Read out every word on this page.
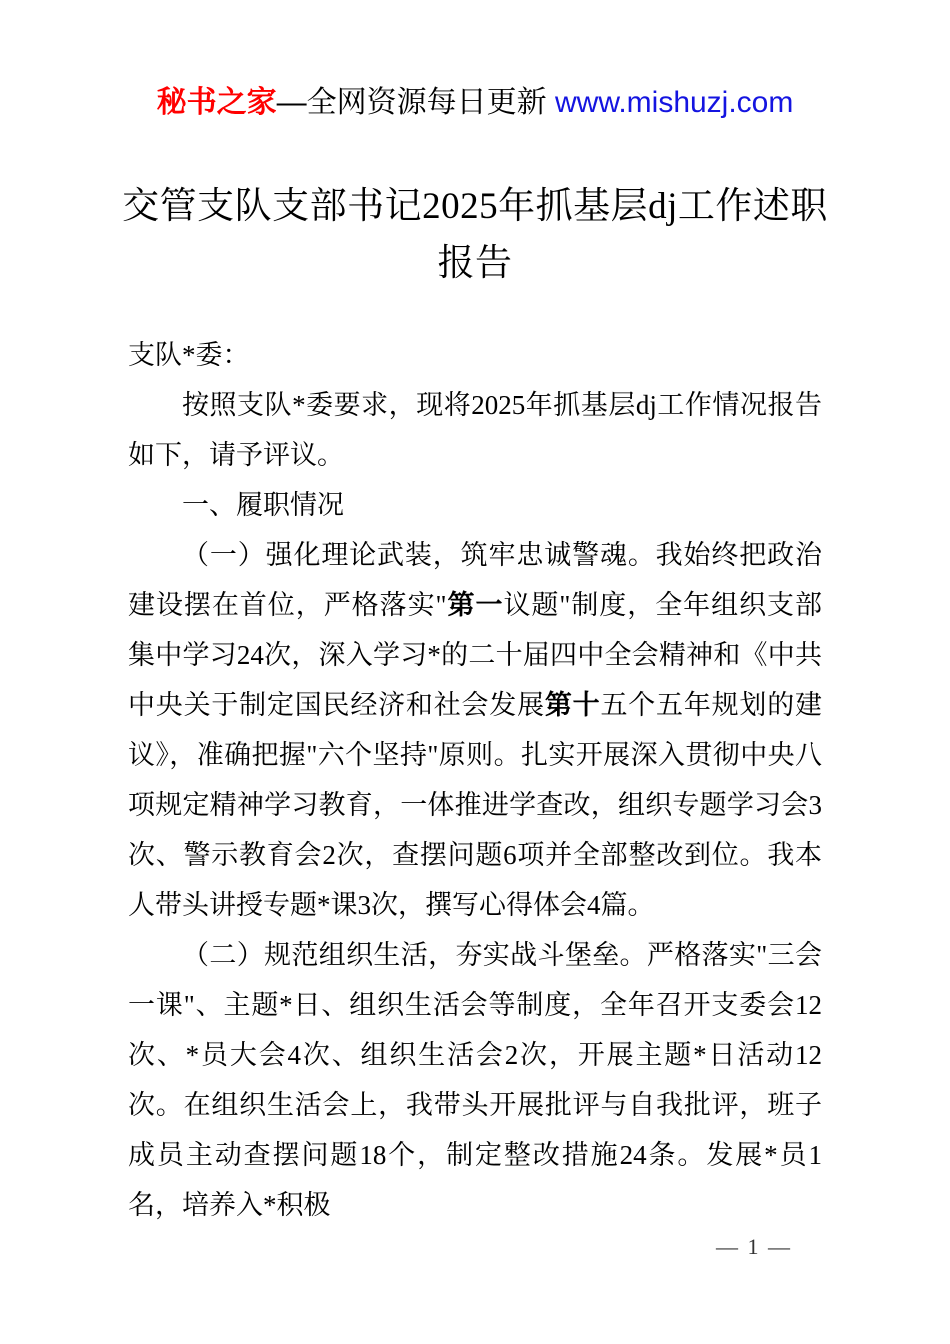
秘书之家—全网资源每日更新 www.mishuzj.com
交管支队支部书记2025年抓基层dj工作述职报告

支队*委：

按照支队*委要求，现将2025年抓基层dj工作情况报告如下，请予评议。

一、履职情况

（一）强化理论武装，筑牢忠诚警魂。我始终把政治建设摆在首位，严格落实"第一议题"制度，全年组织支部集中学习24次，深入学习*的二十届四中全会精神和《中共中央关于制定国民经济和社会发展第十五个五年规划的建议》，准确把握"六个坚持"原则。扎实开展深入贯彻中央八项规定精神学习教育，一体推进学查改，组织专题学习会3次、警示教育会2次，查摆问题6项并全部整改到位。我本人带头讲授专题*课3次，撰写心得体会4篇。

（二）规范组织生活，夯实战斗堡垒。严格落实"三会一课"、主题*日、组织生活会等制度，全年召开支委会12次、*员大会4次、组织生活会2次，开展主题*日活动12次。在组织生活会上，我带头开展批评与自我批评，班子成员主动查摆问题18个，制定整改措施24条。发展*员1名，培养入*积极

— 1 —
